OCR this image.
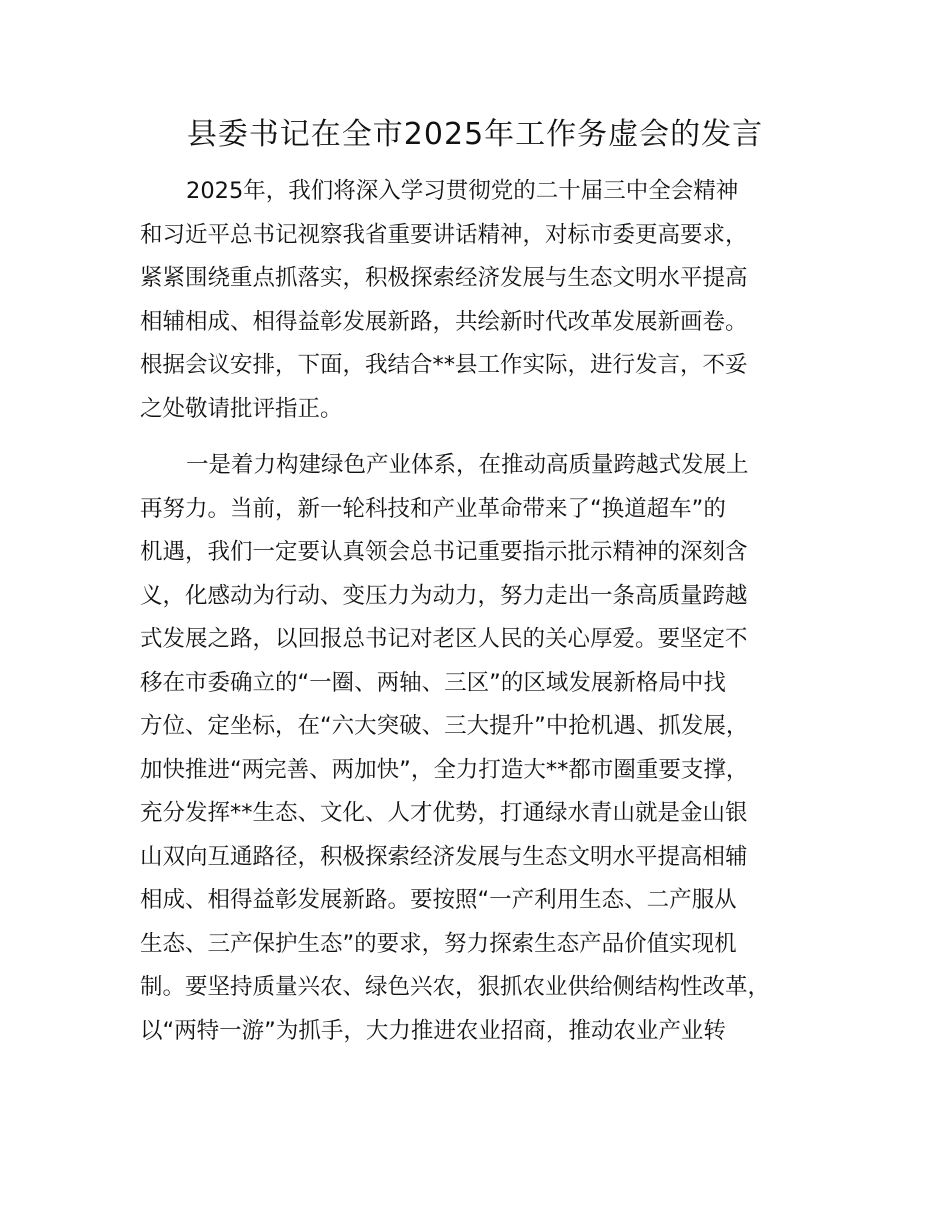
县委书记在全市2025年工作务虚会的发言

2025年，我们将深入学习贯彻党的二十届三中全会精神
和习近平总书记视察我省重要讲话精神，对标市委更高要求，
紧紧围绕重点抓落实，积极探索经济发展与生态文明水平提高
相辅相成、相得益彰发展新路，共绘新时代改革发展新画卷。
根据会议安排，下面，我结合**县工作实际，进行发言，不妥
之处敬请批评指正。

一是着力构建绿色产业体系，在推动高质量跨越式发展上
再努力。当前，新一轮科技和产业革命带来了“换道超车”的
机遇，我们一定要认真领会总书记重要指示批示精神的深刻含
义，化感动为行动、变压力为动力，努力走出一条高质量跨越
式发展之路，以回报总书记对老区人民的关心厚爱。要坚定不
移在市委确立的“一圈、两轴、三区”的区域发展新格局中找
方位、定坐标，在“六大突破、三大提升”中抢机遇、抓发展，
加快推进“两完善、两加快”，全力打造大**都市圈重要支撑，
充分发挥**生态、文化、人才优势，打通绿水青山就是金山银
山双向互通路径，积极探索经济发展与生态文明水平提高相辅
相成、相得益彰发展新路。要按照“一产利用生态、二产服从
生态、三产保护生态”的要求，努力探索生态产品价值实现机
制。要坚持质量兴农、绿色兴农，狠抓农业供给侧结构性改革，
以“两特一游”为抓手，大力推进农业招商，推动农业产业转
